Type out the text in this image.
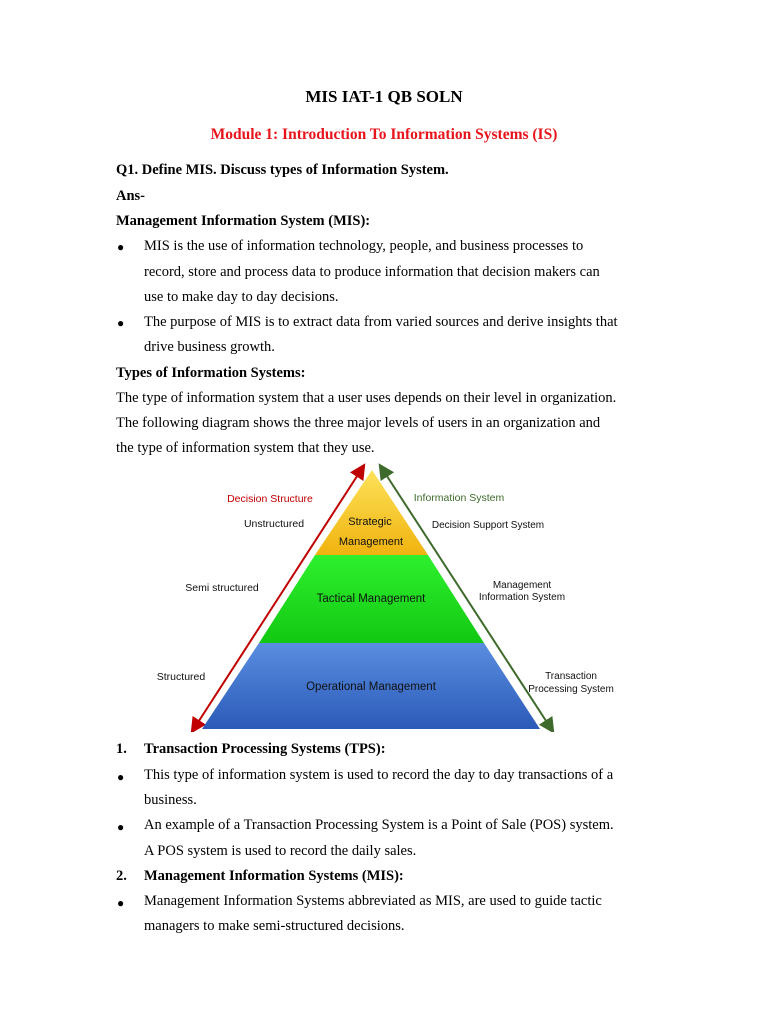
MIS IAT-1 QB SOLN
Module 1: Introduction To Information Systems (IS)
Q1. Define MIS. Discuss types of Information System.
Ans-
Management Information System (MIS):
● MIS is the use of information technology, people, and business processes to
record, store and process data to produce information that decision makers can
use to make day to day decisions.
● The purpose of MIS is to extract data from varied sources and derive insights that
drive business growth.
Types of Information Systems:
The type of information system that a user uses depends on their level in organization.
The following diagram shows the three major levels of users in an organization and
the type of information system that they use.
Strategic
Management
Tactical Management
Operational Management
Decision Structure	Information System
Unstructured
Semi structured
Structured
Decision Support System
Management
Information System
Transaction
Processing System
1. Transaction Processing Systems (TPS):
● This type of information system is used to record the day to day transactions of a
business.
● An example of a Transaction Processing System is a Point of Sale (POS) system.
A POS system is used to record the daily sales.
2. Management Information Systems (MIS):
● Management Information Systems abbreviated as MIS, are used to guide tactic
managers to make semi-structured decisions.
